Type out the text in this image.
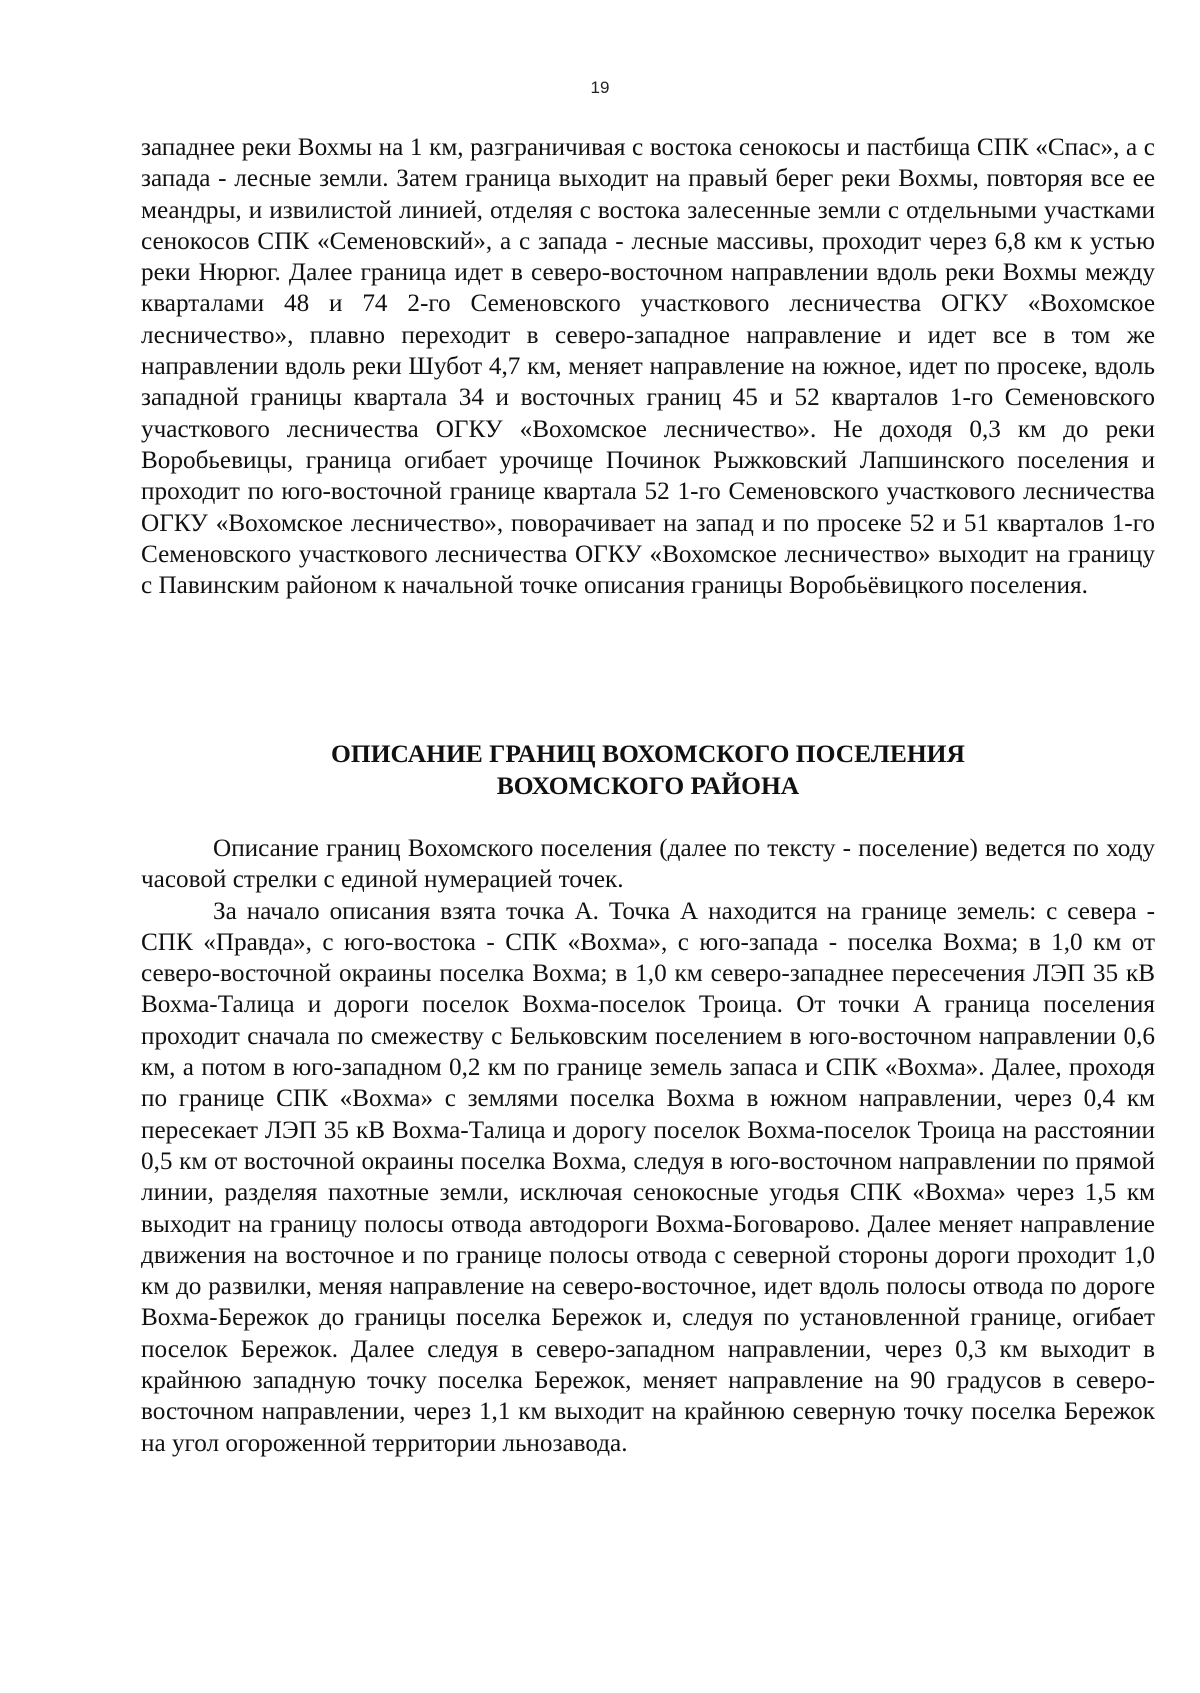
19

западнее реки Вохмы на 1 км, разграничивая с востока сенокосы и пастбища СПК «Спас», а с запада - лесные земли. Затем граница выходит на правый берег реки Вохмы, повторяя все ее меандры, и извилистой линией, отделяя с востока залесенные земли с отдельными участками сенокосов СПК «Семеновский», а с запада - лесные массивы, проходит через 6,8 км к устью реки Нюрюг. Далее граница идет в северо-восточном направлении вдоль реки Вохмы между кварталами 48 и 74 2-го Семеновского участкового лесничества ОГКУ «Вохомское лесничество», плавно переходит в северо-западное направление и идет все в том же направлении вдоль реки Шубот 4,7 км, меняет направление на южное, идет по просеке, вдоль западной границы квартала 34 и восточных границ 45 и 52 кварталов 1-го Семеновского участкового лесничества ОГКУ «Вохомское лесничество». Не доходя 0,3 км до реки Воробьевицы, граница огибает урочище Починок Рыжковский Лапшинского поселения и проходит по юго-восточной границе квартала 52 1-го Семеновского участкового лесничества ОГКУ «Вохомское лесничество», поворачивает на запад и по просеке 52 и 51 кварталов 1-го Семеновского участкового лесничества ОГКУ «Вохомское лесничество» выходит на границу с Павинским районом к начальной точке описания границы Воробьёвицкого поселения.

ОПИСАНИЕ ГРАНИЦ ВОХОМСКОГО ПОСЕЛЕНИЯ
ВОХОМСКОГО РАЙОНА

Описание границ Вохомского поселения (далее по тексту - поселение) ведется по ходу часовой стрелки с единой нумерацией точек.

За начало описания взята точка А. Точка А находится на границе земель: с севера - СПК «Правда», с юго-востока - СПК «Вохма», с юго-запада - поселка Вохма; в 1,0 км от северо-восточной окраины поселка Вохма; в 1,0 км северо-западнее пересечения ЛЭП 35 кВ Вохма-Талица и дороги поселок Вохма-поселок Троица. От точки А граница поселения проходит сначала по смежеству с Бельковским поселением в юго-восточном направлении 0,6 км, а потом в юго-западном 0,2 км по границе земель запаса и СПК «Вохма». Далее, проходя по границе СПК «Вохма» с землями поселка Вохма в южном направлении, через 0,4 км пересекает ЛЭП 35 кВ Вохма-Талица и дорогу поселок Вохма-поселок Троица на расстоянии 0,5 км от восточной окраины поселка Вохма, следуя в юго-восточном направлении по прямой линии, разделяя пахотные земли, исключая сенокосные угодья СПК «Вохма» через 1,5 км выходит на границу полосы отвода автодороги Вохма-Боговарово. Далее меняет направление движения на восточное и по границе полосы отвода с северной стороны дороги проходит 1,0 км до развилки, меняя направление на северо-восточное, идет вдоль полосы отвода по дороге Вохма-Бережок до границы поселка Бережок и, следуя по установленной границе, огибает поселок Бережок. Далее следуя в северо-западном направлении, через 0,3 км выходит в крайнюю западную точку поселка Бережок, меняет направление на 90 градусов в северо-восточном направлении, через 1,1 км выходит на крайнюю северную точку поселка Бережок на угол огороженной территории льнозавода.
